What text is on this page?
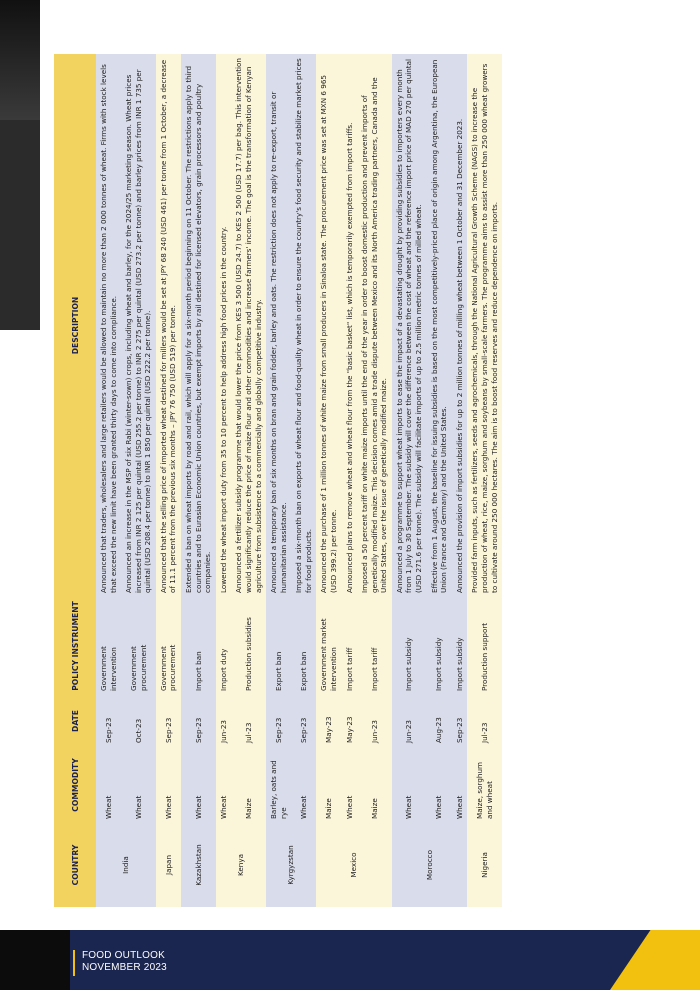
COUNTRY	COMMODITY	DATE	POLICY INSTRUMENT	DESCRIPTION
India	Wheat	Sep-23	Government intervention	Announced that traders, wholesalers and large retailers would be allowed to maintain no more than 2 000 tonnes of wheat. Firms with stock levels that exceed the new limit have been granted thirty days to come into compliance.
	Wheat	Oct-23	Government procurement	Announced an increase in the MSP of six Rabi (winter-sown) crops, including wheat and barley, for the 2024/25 marketing season. Wheat prices increased from INR 2 125 per quintal (USD 255.2 per tonne) to INR 2 275 per quintal (USD 273.2 per tonne) and barley prices from INR 1 735 per quintal (USD 208.4 per tonne) to INR 1 850 per quintal (USD 222.2 per tonne).
Japan	Wheat	Sep-23	Government procurement	Announced that the selling price of imported wheat destined for millers would be set at JPY 68 240 (USD 461) per tonne from 1 October, a decrease of 11.1 percent from the previous six months – JPY 76 750 (USD 519) per tonne.
Kazakhstan	Wheat	Sep-23	Import ban	Extended a ban on wheat imports by road and rail, which will apply for a six-month period beginning on 11 October. The restrictions apply to third countries and to Eurasian Economic Union countries, but exempt imports by rail destined for licensed elevators, grain processors and poultry companies.
Kenya	Wheat	Jun-23	Import duty	Lowered the wheat import duty from 35 to 10 percent to help address high food prices in the country.
	Maize	Jul-23	Production subsidies	Announced a fertilizer subsidy programme that would lower the price from KES 3 500 (USD 24.7) to KES 2 500 (USD 17.7) per bag. This intervention would significantly reduce the price of maize flour and other commodities and increase farmers' income. The goal is the transformation of Kenyan agriculture from subsistence to a commercially and globally competitive industry.
Kyrgyzstan	Barley, oats and rye	Sep-23	Export ban	Announced a temporary ban of six months on bran and grain fodder, barley and oats. The restriction does not apply to re-export, transit or humanitarian assistance.
	Wheat	Sep-23	Export ban	Imposed a six-month ban on exports of wheat flour and food-quality wheat in order to ensure the country's food security and stabilize market prices for food products.
Mexico	Maize	May-23	Government market intervention	Announced the purchase of 1 million tonnes of white maize from small producers in Sinaloa state. The procurement price was set at MXN 6 965 (USD 399.2) per tonne.
	Wheat	May-23	Import tariff	Announced plans to remove wheat and wheat flour from the "basic basket" list, which is temporarily exempted from import tariffs.
	Maize	Jun-23	Import tariff	Imposed a 50 percent tariff on white maize imports until the end of the year in order to boost domestic production and prevent imports of genetically modified maize. This decision comes amid a trade dispute between Mexico and its North America trading partners, Canada and the United States, over the issue of genetically modified maize.
Morocco	Wheat	Jun-23	Import subsidy	Announced a programme to support wheat imports to ease the impact of a devastating drought by providing subsidies to importers every month from 1 July to 30 September. The subsidy will cover the difference between the cost of wheat and the reference import price of MAD 270 per quintal (USD 271.6 per tonne). The subsidy will facilitate imports of up to 2.5 million metric tonnes of milled wheat.
	Wheat	Aug-23	Import subsidy	Effective from 1 August, the baseline for issuing subsidies is based on the most competitively-priced place of origin among Argentina, the European Union (France and Germany) and the United States.
	Wheat	Sep-23	Import subsidy	Announced the provision of import subsidies for up to 2 million tonnes of milling wheat between 1 October and 31 December 2023.
Nigeria	Maize, sorghum and wheat	Jul-23	Production support	Provided farm inputs, such as fertilizers, seeds and agrochemicals, through the National Agricultural Growth Scheme (NAGS) to increase the production of wheat, rice, maize, sorghum and soybeans by small-scale farmers. The programme aims to assist more than 250 000 wheat growers to cultivate around 250 000 hectares. The aim is to boost food reserves and reduce dependence on imports.
FOOD OUTLOOK
NOVEMBER 2023
